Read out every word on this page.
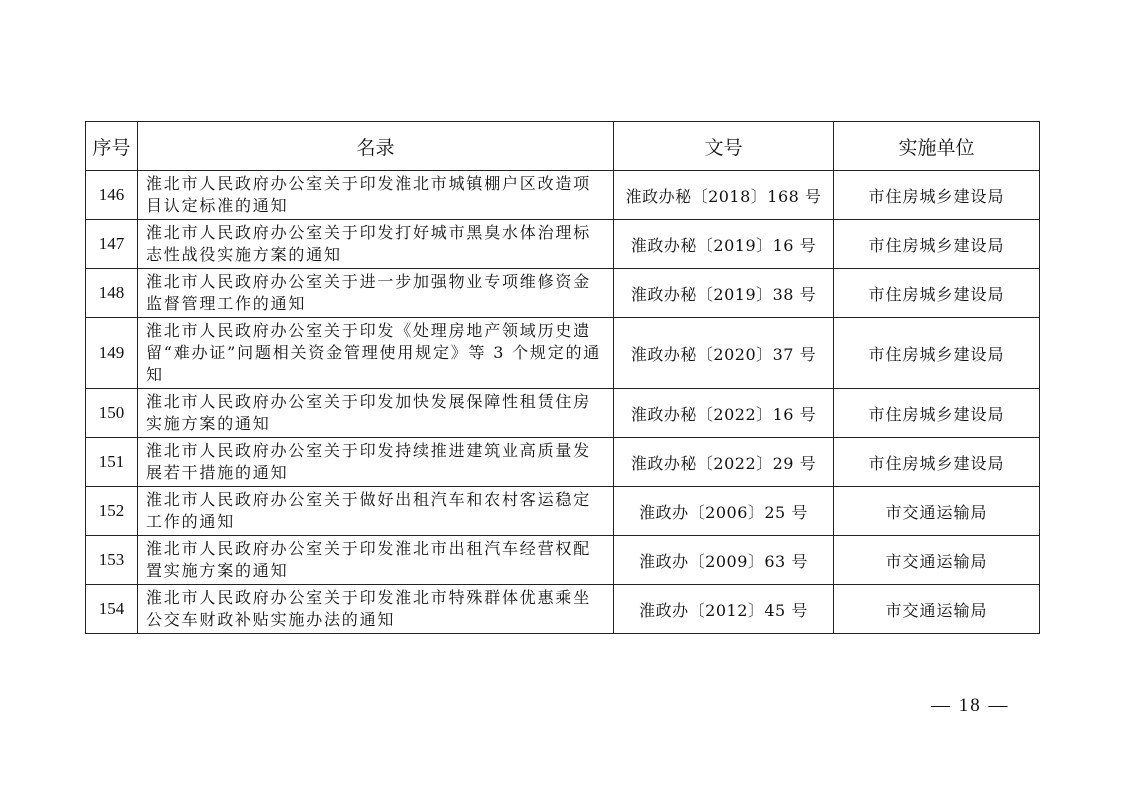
序号	名录	文号	实施单位
146	淮北市人民政府办公室关于印发淮北市城镇棚户区改造项目认定标准的通知	淮政办秘〔2018〕168 号	市住房城乡建设局
147	淮北市人民政府办公室关于印发打好城市黑臭水体治理标志性战役实施方案的通知	淮政办秘〔2019〕16 号	市住房城乡建设局
148	淮北市人民政府办公室关于进一步加强物业专项维修资金监督管理工作的通知	淮政办秘〔2019〕38 号	市住房城乡建设局
149	淮北市人民政府办公室关于印发《处理房地产领域历史遗留“难办证”问题相关资金管理使用规定》等 3 个规定的通知	淮政办秘〔2020〕37 号	市住房城乡建设局
150	淮北市人民政府办公室关于印发加快发展保障性租赁住房实施方案的通知	淮政办秘〔2022〕16 号	市住房城乡建设局
151	淮北市人民政府办公室关于印发持续推进建筑业高质量发展若干措施的通知	淮政办秘〔2022〕29 号	市住房城乡建设局
152	淮北市人民政府办公室关于做好出租汽车和农村客运稳定工作的通知	淮政办〔2006〕25 号	市交通运输局
153	淮北市人民政府办公室关于印发淮北市出租汽车经营权配置实施方案的通知	淮政办〔2009〕63 号	市交通运输局
154	淮北市人民政府办公室关于印发淮北市特殊群体优惠乘坐公交车财政补贴实施办法的通知	淮政办〔2012〕45 号	市交通运输局
— 18 —
